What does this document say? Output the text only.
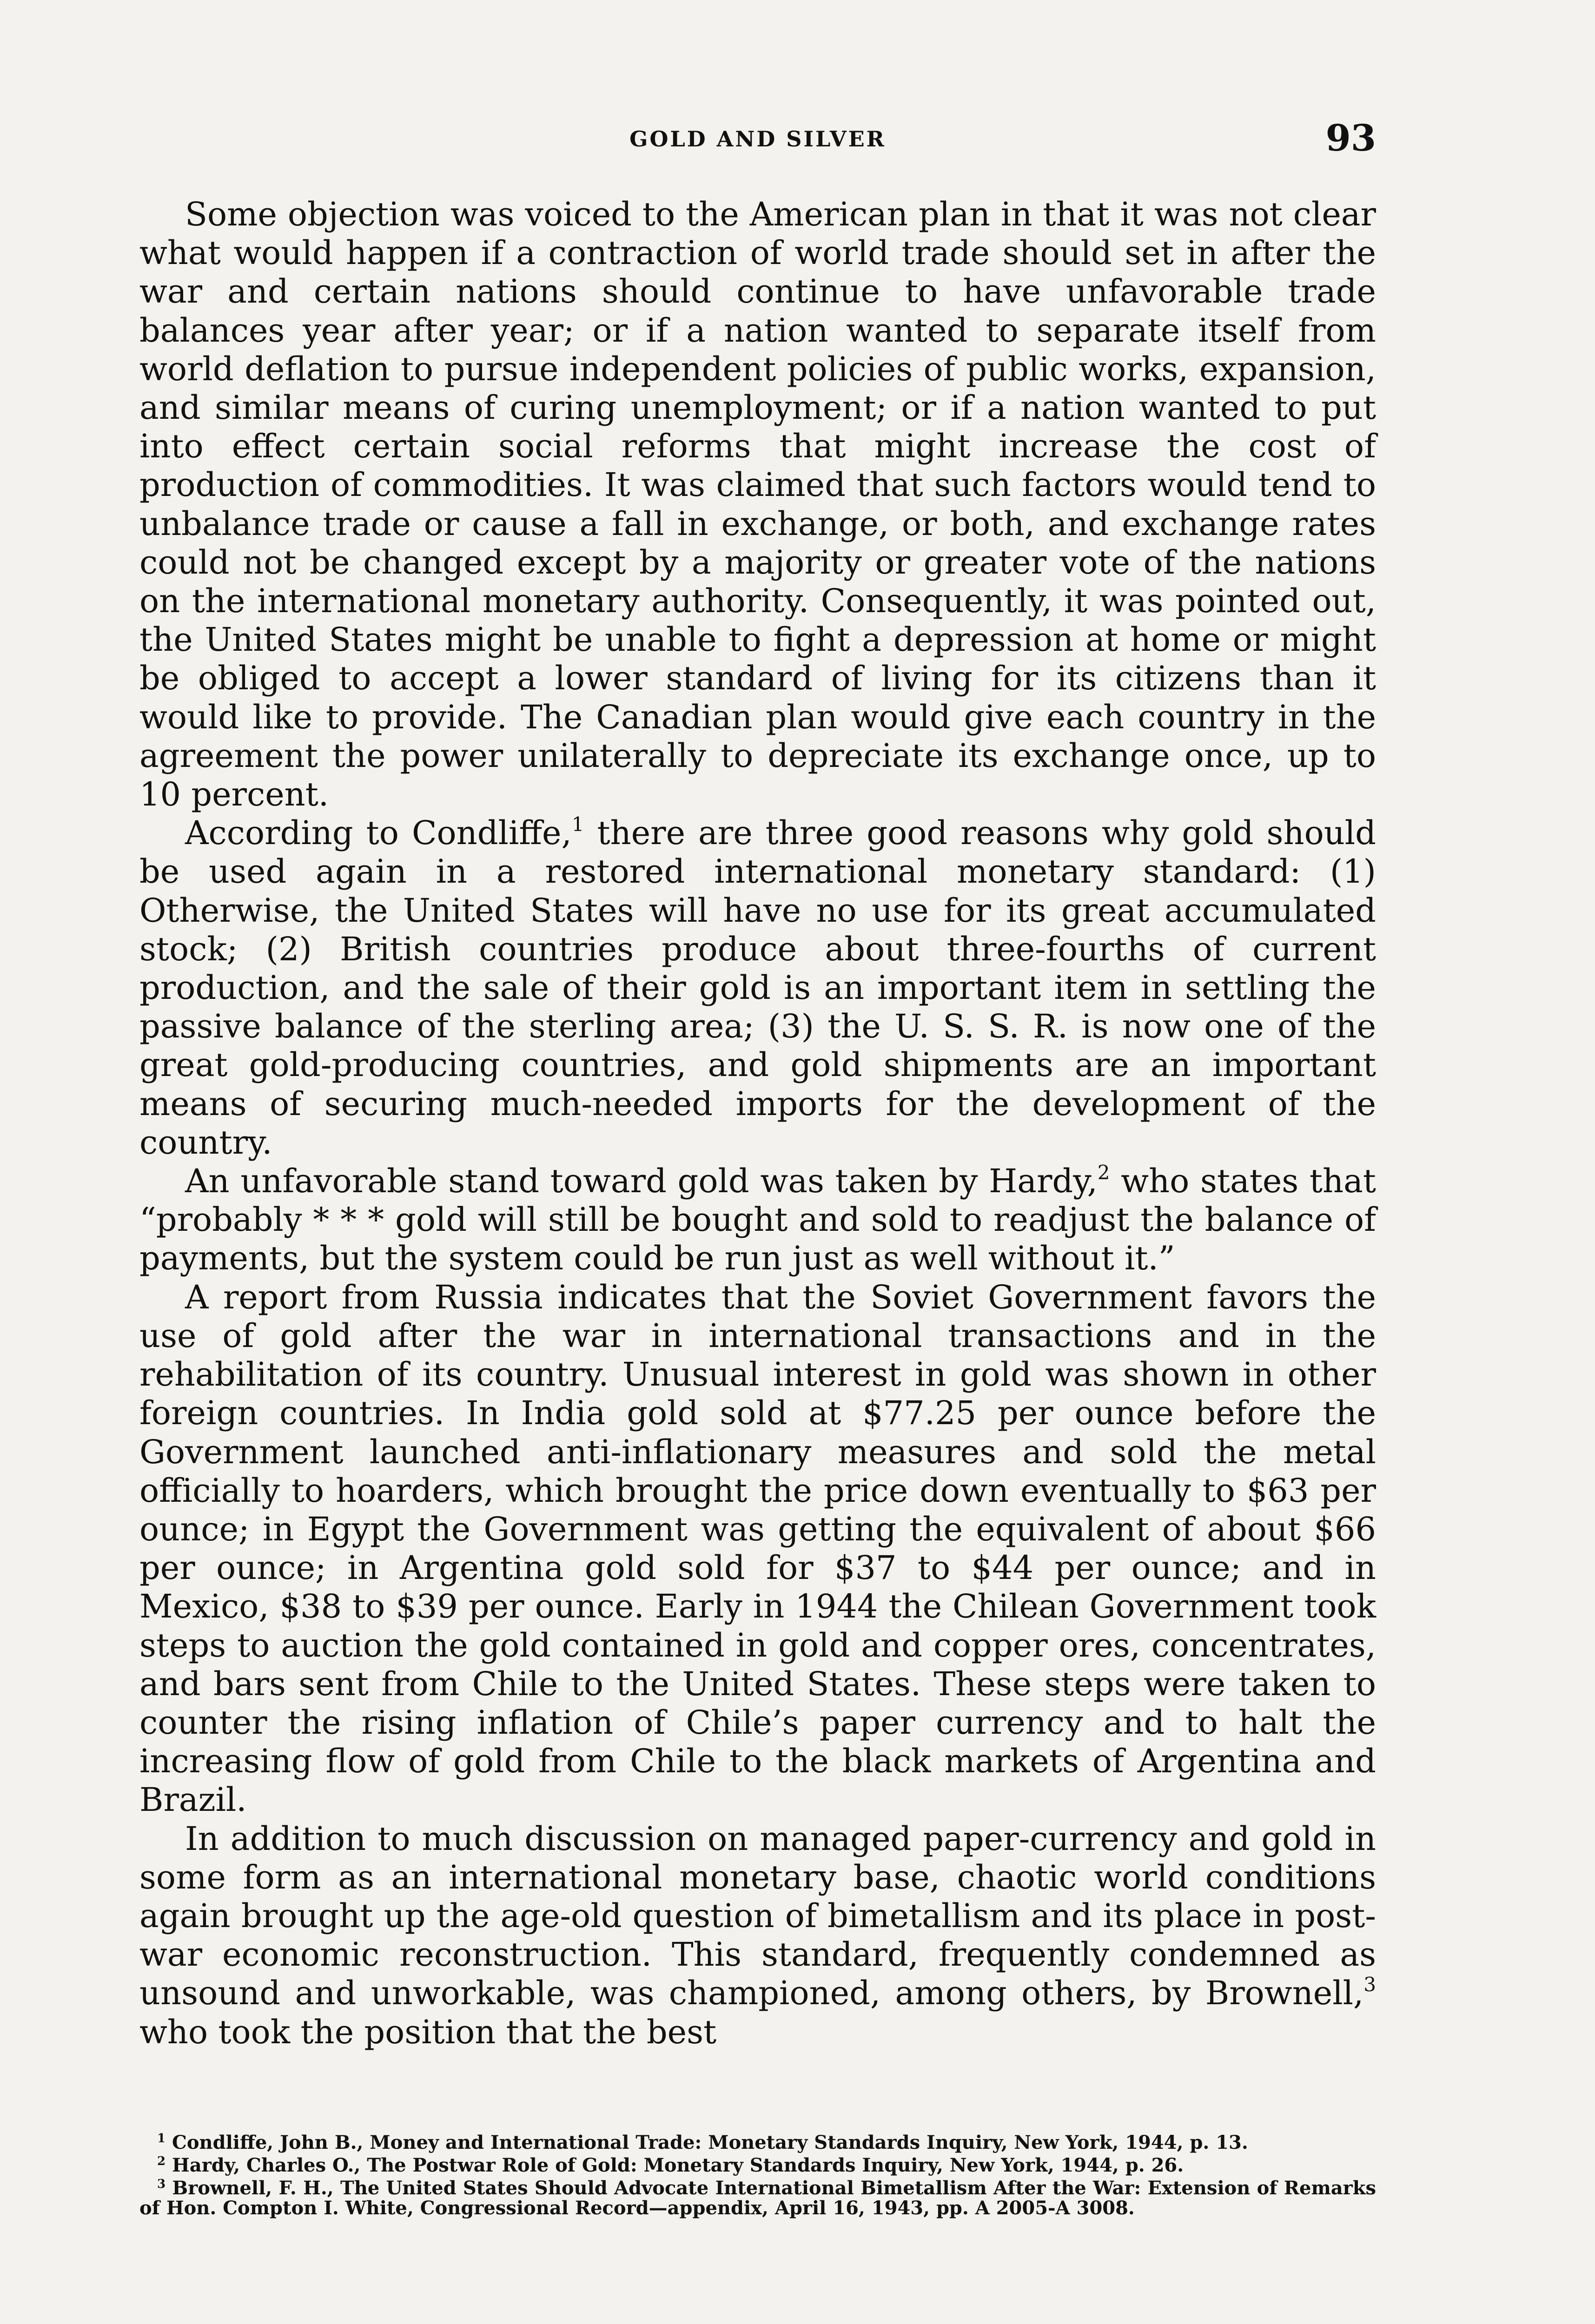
GOLD AND SILVER	93

Some objection was voiced to the American plan in that it was not clear what would happen if a contraction of world trade should set in after the war and certain nations should continue to have unfavorable trade balances year after year; or if a nation wanted to separate itself from world deflation to pursue independent policies of public works, expansion, and similar means of curing unemployment; or if a nation wanted to put into effect certain social reforms that might increase the cost of production of commodities. It was claimed that such factors would tend to unbalance trade or cause a fall in exchange, or both, and exchange rates could not be changed except by a majority or greater vote of the nations on the international monetary authority. Consequently, it was pointed out, the United States might be unable to fight a depression at home or might be obliged to accept a lower standard of living for its citizens than it would like to provide. The Canadian plan would give each country in the agreement the power unilaterally to depreciate its exchange once, up to 10 percent.

According to Condliffe,$^1$ there are three good reasons why gold should be used again in a restored international monetary standard: (1) Otherwise, the United States will have no use for its great accumulated stock; (2) British countries produce about three-fourths of current production, and the sale of their gold is an important item in settling the passive balance of the sterling area; (3) the U. S. S. R. is now one of the great gold-producing countries, and gold shipments are an important means of securing much-needed imports for the development of the country.

An unfavorable stand toward gold was taken by Hardy,$^2$ who states that “probably * * * gold will still be bought and sold to readjust the balance of payments, but the system could be run just as well without it.”

A report from Russia indicates that the Soviet Government favors the use of gold after the war in international transactions and in the rehabilitation of its country. Unusual interest in gold was shown in other foreign countries. In India gold sold at $77.25 per ounce before the Government launched anti-inflationary measures and sold the metal officially to hoarders, which brought the price down eventually to $63 per ounce; in Egypt the Government was getting the equivalent of about $66 per ounce; in Argentina gold sold for $37 to $44 per ounce; and in Mexico, $38 to $39 per ounce. Early in 1944 the Chilean Government took steps to auction the gold contained in gold and copper ores, concentrates, and bars sent from Chile to the United States. These steps were taken to counter the rising inflation of Chile’s paper currency and to halt the increasing flow of gold from Chile to the black markets of Argentina and Brazil.

In addition to much discussion on managed paper-currency and gold in some form as an international monetary base, chaotic world conditions again brought up the age-old question of bimetallism and its place in post-war economic reconstruction. This standard, frequently condemned as unsound and unworkable, was championed, among others, by Brownell,$^3$ who took the position that the best

$^1$ Condliffe, John B., Money and International Trade: Monetary Standards Inquiry, New York, 1944, p. 13.

$^2$ Hardy, Charles O., The Postwar Role of Gold: Monetary Standards Inquiry, New York, 1944, p. 26.

$^3$ Brownell, F. H., The United States Should Advocate International Bimetallism After the War: Extension of Remarks of Hon. Compton I. White, Congressional Record—appendix, April 16, 1943, pp. A 2005-A 3008.
